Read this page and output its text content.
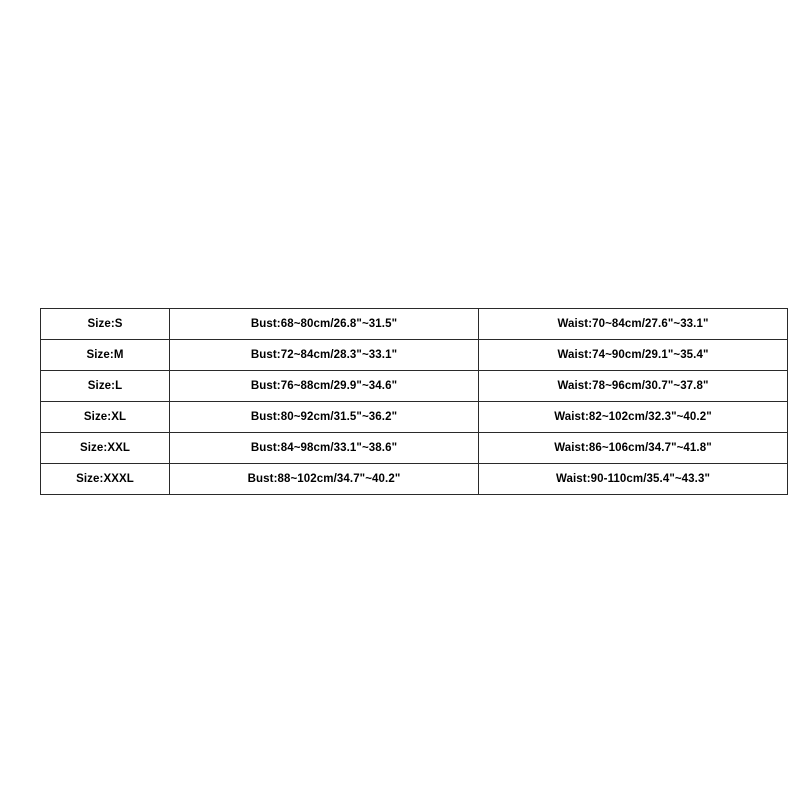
Size:S	Bust:68~80cm/26.8"~31.5"	Waist:70~84cm/27.6"~33.1"
Size:M	Bust:72~84cm/28.3"~33.1"	Waist:74~90cm/29.1"~35.4"
Size:L	Bust:76~88cm/29.9"~34.6"	Waist:78~96cm/30.7"~37.8"
Size:XL	Bust:80~92cm/31.5"~36.2"	Waist:82~102cm/32.3"~40.2"
Size:XXL	Bust:84~98cm/33.1"~38.6"	Waist:86~106cm/34.7"~41.8"
Size:XXXL	Bust:88~102cm/34.7"~40.2"	Waist:90-110cm/35.4"~43.3"
